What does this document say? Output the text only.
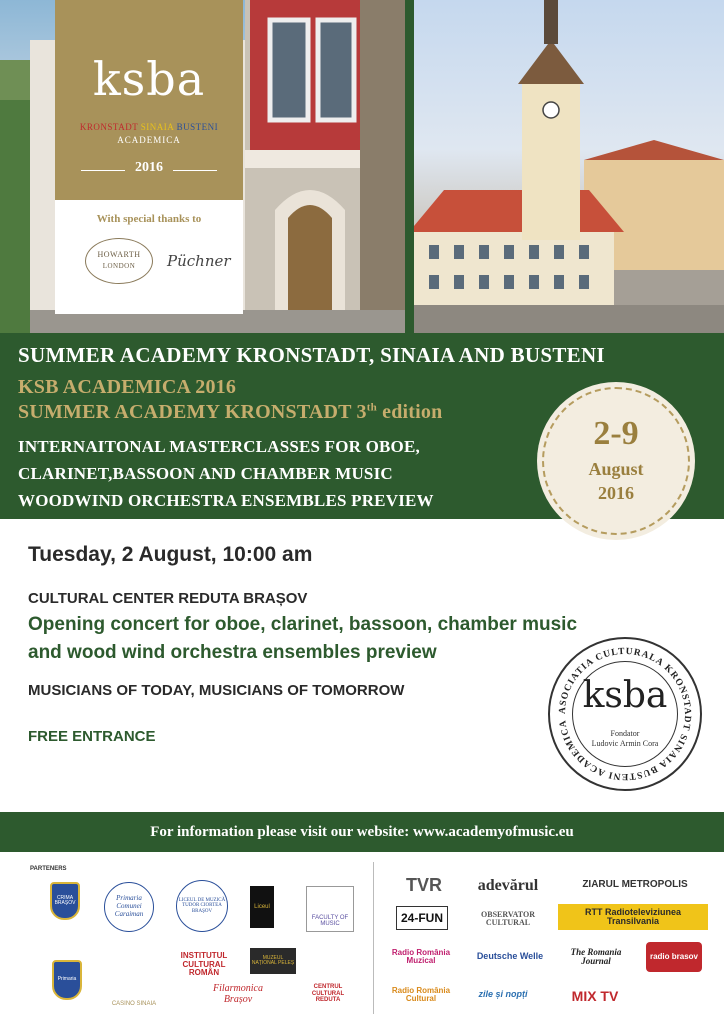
ksba
KRONSTADT SINAIA BUSTENI
ACADEMICA
2016
With special thanks to
HOWARTH
LONDON	Püchner
SUMMER ACADEMY KRONSTADT, SINAIA AND BUSTENI
KSB ACADEMICA 2016
SUMMER ACADEMY KRONSTADT 3th edition
INTERNAITONAL MASTERCLASSES FOR OBOE,
CLARINET,BASSOON AND CHAMBER MUSIC
WOODWIND ORCHESTRA ENSEMBLES PREVIEW
2-9
August
2016
Tuesday, 2 August, 10:00 am
CULTURAL CENTER REDUTA BRAȘOV
Opening concert for oboe, clarinet, bassoon, chamber music
and wood wind orchestra ensembles preview
MUSICIANS OF TODAY, MUSICIANS OF TOMORROW
FREE ENTRANCE
ASOCIATIA CULTURALA KRONSTADT SINAIA BUSTENI ACADEMICA
ksba
Fondator
Ludovic Armin Cora
For information please visit our website: www.academyofmusic.eu
PARTENERS
CRIMA BRAŞOV
Primaria Comunei Caraiman
LICEUL DE MUZICĂ TUDOR CIORTEA BRAŞOV
Liceul
FACULTY OF MUSIC
Primaria
CASINO SINAIA
INSTITUTUL CULTURAL ROMÂN
MUZEUL NAȚIONAL PELEȘ
CENTRUL CULTURAL REDUTA
Filarmonica Brașov
TVR	adevărul	ZIARUL METROPOLIS
24-FUN	OBSERVATOR CULTURAL
RTT Radioteleviziunea Transilvania
Radio România Muzical	Deutsche Welle	The Romania Journal	radio brasov
Radio România Cultural	zile și nopți	MIX TV
